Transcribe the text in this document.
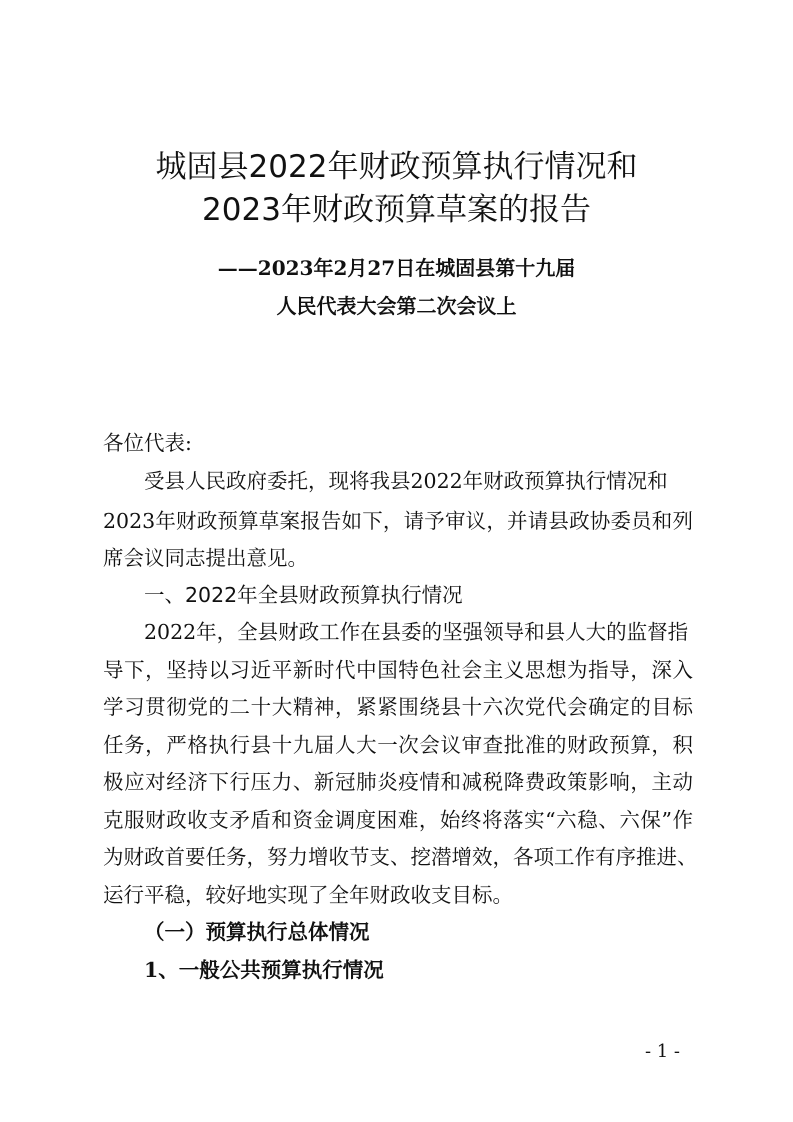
城固县2022年财政预算执行情况和
2023年财政预算草案的报告
——2023年2月27日在城固县第十九届
人民代表大会第二次会议上
各位代表:
受县人民政府委托，现将我县2022年财政预算执行情况和
2023年财政预算草案报告如下，请予审议，并请县政协委员和列
席会议同志提出意见。
一、2022年全县财政预算执行情况
2022年，全县财政工作在县委的坚强领导和县人大的监督指
导下，坚持以习近平新时代中国特色社会主义思想为指导，深入
学习贯彻党的二十大精神，紧紧围绕县十六次党代会确定的目标
任务，严格执行县十九届人大一次会议审查批准的财政预算，积
极应对经济下行压力、新冠肺炎疫情和减税降费政策影响，主动
克服财政收支矛盾和资金调度困难，始终将落实“六稳、六保”作
为财政首要任务，努力增收节支、挖潜增效，各项工作有序推进、
运行平稳，较好地实现了全年财政收支目标。
（一）预算执行总体情况
1、一般公共预算执行情况
- 1 -
